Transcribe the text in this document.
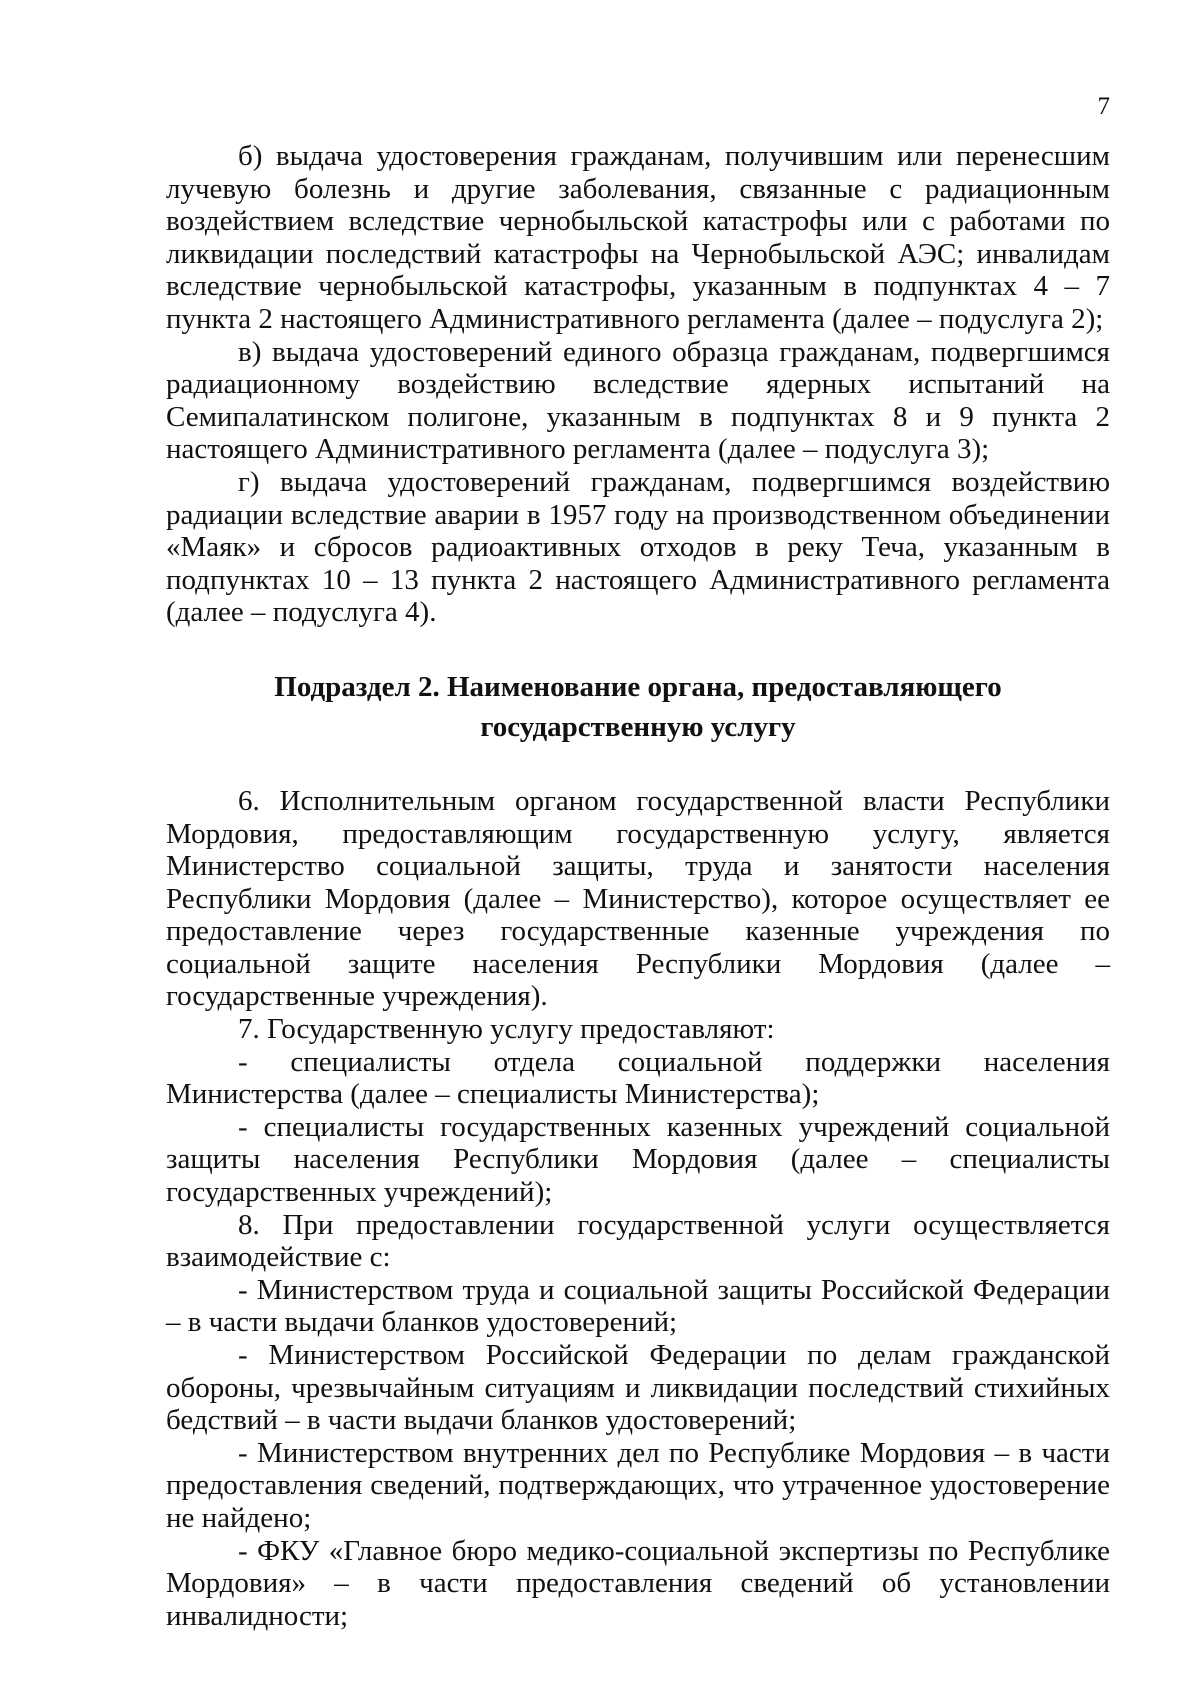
7

б) выдача удостоверения гражданам, получившим или перенесшим лучевую болезнь и другие заболевания, связанные с радиационным воздействием вследствие чернобыльской катастрофы или с работами по ликвидации последствий катастрофы на Чернобыльской АЭС; инвалидам вследствие чернобыльской катастрофы, указанным в подпунктах 4 – 7 пункта 2 настоящего Административного регламента (далее – подуслуга 2);

в) выдача удостоверений единого образца гражданам, подвергшимся радиационному воздействию вследствие ядерных испытаний на Семипалатинском полигоне, указанным в подпунктах 8 и 9 пункта 2 настоящего Административного регламента (далее – подуслуга 3);

г) выдача удостоверений гражданам, подвергшимся воздействию радиации вследствие аварии в 1957 году на производственном объединении «Маяк» и сбросов радиоактивных отходов в реку Теча, указанным в подпунктах 10 – 13 пункта 2 настоящего Административного регламента (далее – подуслуга 4).

Подраздел 2. Наименование органа, предоставляющего
государственную услугу

6. Исполнительным органом государственной власти Республики Мордовия, предоставляющим государственную услугу, является Министерство социальной защиты, труда и занятости населения Республики Мордовия (далее – Министерство), которое осуществляет ее предоставление через государственные казенные учреждения по социальной защите населения Республики Мордовия (далее – государственные учреждения).

7. Государственную услугу предоставляют:

- специалисты отдела социальной поддержки населения Министерства (далее – специалисты Министерства);

- специалисты государственных казенных учреждений социальной защиты населения Республики Мордовия (далее – специалисты государственных учреждений);

8. При предоставлении государственной услуги осуществляется взаимодействие с:

- Министерством труда и социальной защиты Российской Федерации – в части выдачи бланков удостоверений;

- Министерством Российской Федерации по делам гражданской обороны, чрезвычайным ситуациям и ликвидации последствий стихийных бедствий – в части выдачи бланков удостоверений;

- Министерством внутренних дел по Республике Мордовия – в части предоставления сведений, подтверждающих, что утраченное удостоверение не найдено;

- ФКУ «Главное бюро медико-социальной экспертизы по Республике Мордовия» – в части предоставления сведений об установлении инвалидности;
